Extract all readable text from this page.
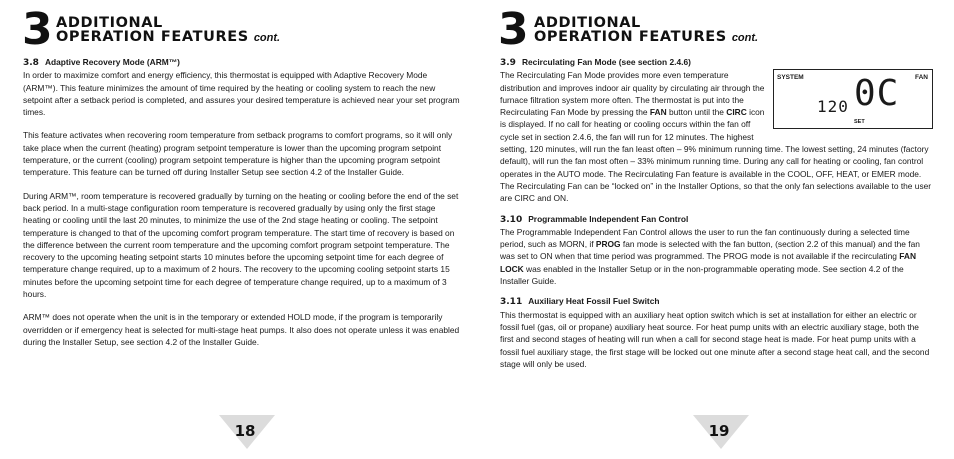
3 ADDITIONAL
OPERATION FEATURES cont.
3.8 Adaptive Recovery Mode (ARM™)

In order to maximize comfort and energy efficiency, this thermostat is equipped with Adaptive Recovery Mode (ARM™). This feature minimizes the amount of time required by the heating or cooling system to reach the new setpoint after a setback period is completed, and assures your desired temperature is achieved near your set program times.

This feature activates when recovering room temperature from setback programs to comfort programs, so it will only take place when the current (heating) program setpoint temperature is lower than the upcoming program setpoint temperature, or the current (cooling) program setpoint temperature is higher than the upcoming program setpoint temperature. This feature can be turned off during Installer Setup see section 4.2 of the Installer Guide.

During ARM™, room temperature is recovered gradually by turning on the heating or cooling before the end of the set back period. In a multi-stage configuration room temperature is recovered gradually by using only the first stage heating or cooling until the last 20 minutes, to minimize the use of the 2nd stage heating or cooling. The setpoint temperature is changed to that of the upcoming comfort program temperature. The start time of recovery is based on the difference between the current room temperature and the upcoming comfort program setpoint temperature. The recovery to the upcoming heating setpoint starts 10 minutes before the upcoming setpoint time for each degree of temperature change required, up to a maximum of 2 hours. The recovery to the upcoming cooling setpoint starts 15 minutes before the upcoming setpoint time for each degree of temperature change required, up to a maximum of 3 hours.

ARM™ does not operate when the unit is in the temporary or extended HOLD mode, if the program is temporarily overridden or if emergency heat is selected for multi-stage heat pumps. It also does not operate unless it was enabled during the Installer Setup, see section 4.2 of the Installer Guide.

18
3 ADDITIONAL
OPERATION FEATURES cont.
3.9 Recirculating Fan Mode (see section 2.4.6)
SYSTEM	FAN
120 0C
SET

The Recirculating Fan Mode provides more even temperature distribution and improves indoor air quality by circulating air through the furnace filtration system more often. The thermostat is put into the Recirculating Fan Mode by pressing the FAN button until the CIRC icon is displayed. If no call for heating or cooling occurs within the fan off cycle set in section 2.4.6, the fan will run for 12 minutes. The highest setting, 120 minutes, will run the fan least often – 9% minimum running time. The lowest setting, 24 minutes (factory default), will run the fan most often – 33% minimum running time. During any call for heating or cooling, fan control operates in the AUTO mode. The Recirculating Fan feature is available in the COOL, OFF, HEAT, or EMER mode. The Recirculating Fan can be “locked on” in the Installer Options, so that the only fan selections available to the user are CIRC and ON.

3.10 Programmable Independent Fan Control

The Programmable Independent Fan Control allows the user to run the fan continuously during a selected time period, such as MORN, if PROG fan mode is selected with the fan button, (section 2.2 of this manual) and the fan was set to ON when that time period was programmed. The PROG mode is not available if the recirculating FAN LOCK was enabled in the Installer Setup or in the non-programmable operating mode. See section 4.2 of the Installer Guide.

3.11 Auxiliary Heat Fossil Fuel Switch

This thermostat is equipped with an auxiliary heat option switch which is set at installation for either an electric or fossil fuel (gas, oil or propane) auxiliary heat source. For heat pump units with an electric auxiliary stage, both the first and second stages of heating will run when a call for second stage heat is made. For heat pump units with a fossil fuel auxiliary stage, the first stage will be locked out one minute after a second stage heat call, and the second stage will only be used.

19
